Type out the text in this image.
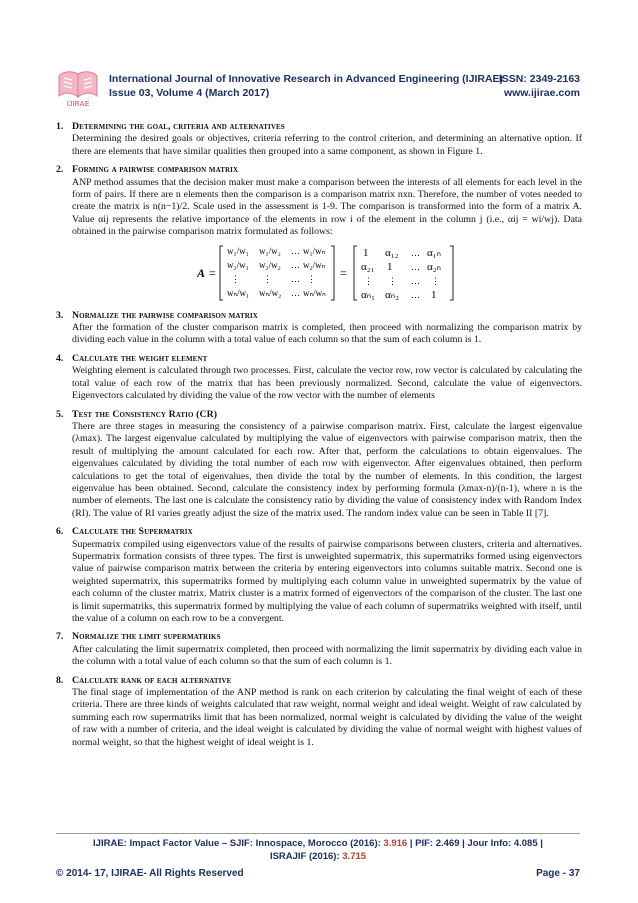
IJIRAE
International Journal of Innovative Research in Advanced Engineering (IJIRAE)
Issue 03, Volume 4 (March 2017)
ISSN: 2349-2163
www.ijirae.com
1. Determining the goal, criteria and alternatives
Determining the desired goals or objectives, criteria referring to the control criterion, and determining an alternative option. If there are elements that have similar qualities then grouped into a same component, as shown in Figure 1.
2. Forming a pairwise comparison matrix
ANP method assumes that the decision maker must make a comparison between the interests of all elements for each level in the form of pairs. If there are n elements then the comparison is a comparison matrix nxn. Therefore, the number of votes needed to create the matrix is n(n−1)/2. Scale used in the assessment is 1-9. The comparison is transformed into the form of a matrix A. Value αij represents the relative importance of the elements in row i of the element in the column j (i.e., αij = wi/wj). Data obtained in the pairwise comparison matrix formulated as follows:
A =
w₁/w₁ w₁/w₂ … w₁/wₙ
w₂/w₁ w₂/w₂ … w₂/wₙ
⋮	⋮ … ⋮
wₙ/w₁ wₙ/w₂ … wₙ/wₙ
=
1 α₁₂ … α₁ₙ
α₂₁ 1 … α₂ₙ
⋮ ⋮ … ⋮
αₙ₁ αₙ₂ … 1
3. Normalize the pairwise comparison matrix
After the formation of the cluster comparison matrix is completed, then proceed with normalizing the comparison matrix by dividing each value in the column with a total value of each column so that the sum of each column is 1.
4. Calculate the weight element
Weighting element is calculated through two processes. First, calculate the vector row, row vector is calculated by calculating the total value of each row of the matrix that has been previously normalized. Second, calculate the value of eigenvectors. Eigenvectors calculated by dividing the value of the row vector with the number of elements
5. Test the Consistency Ratio (CR)
There are three stages in measuring the consistency of a pairwise comparison matrix. First, calculate the largest eigenvalue (λmax). The largest eigenvalue calculated by multiplying the value of eigenvectors with pairwise comparison matrix, then the result of multiplying the amount calculated for each row. After that, perform the calculations to obtain eigenvalues. The eigenvalues calculated by dividing the total number of each row with eigenvector. After eigenvalues obtained, then perform calculations to get the total of eigenvalues, then divide the total by the number of elements. In this condition, the largest eigenvalue has been obtained. Second, calculate the consistency index by performing formula (λmax-n)/(n-1), where n is the number of elements. The last one is calculate the consistency ratio by dividing the value of consistency index with Random Index (RI). The value of RI varies greatly adjust the size of the matrix used. The random index value can be seen in Table II [7].
6. Calculate the Supermatrix
Supermatrix compiled using eigenvectors value of the results of pairwise comparisons between clusters, criteria and alternatives. Supermatrix formation consists of three types. The first is unweighted supermatrix, this supermatriks formed using eigenvectors value of pairwise comparison matrix between the criteria by entering eigenvectors into columns suitable matrix. Second one is weighted supermatrix, this supermatriks formed by multiplying each column value in unweighted supermatrix by the value of each column of the cluster matrix. Matrix cluster is a matrix formed of eigenvectors of the comparison of the cluster. The last one is limit supermatriks, this supermatrix formed by multiplying the value of each column of supermatriks weighted with itself, until the value of a column on each row to be a convergent.
7. Normalize the limit supermatriks
After calculating the limit supermatrix completed, then proceed with normalizing the limit supermatrix by dividing each value in the column with a total value of each column so that the sum of each column is 1.
8. Calculate rank of each alternative
The final stage of implementation of the ANP method is rank on each criterion by calculating the final weight of each of these criteria. There are three kinds of weights calculated that raw weight, normal weight and ideal weight. Weight of raw calculated by summing each row supermatriks limit that has been normalized, normal weight is calculated by dividing the value of the weight of raw with a number of criteria, and the ideal weight is calculated by dividing the value of normal weight with highest values of normal weight, so that the highest weight of ideal weight is 1.
IJIRAE: Impact Factor Value – SJIF: Innospace, Morocco (2016): 3.916 | PIF: 2.469 | Jour Info: 4.085 |
ISRAJIF (2016): 3.715
© 2014- 17, IJIRAE- All Rights Reserved	Page - 37
